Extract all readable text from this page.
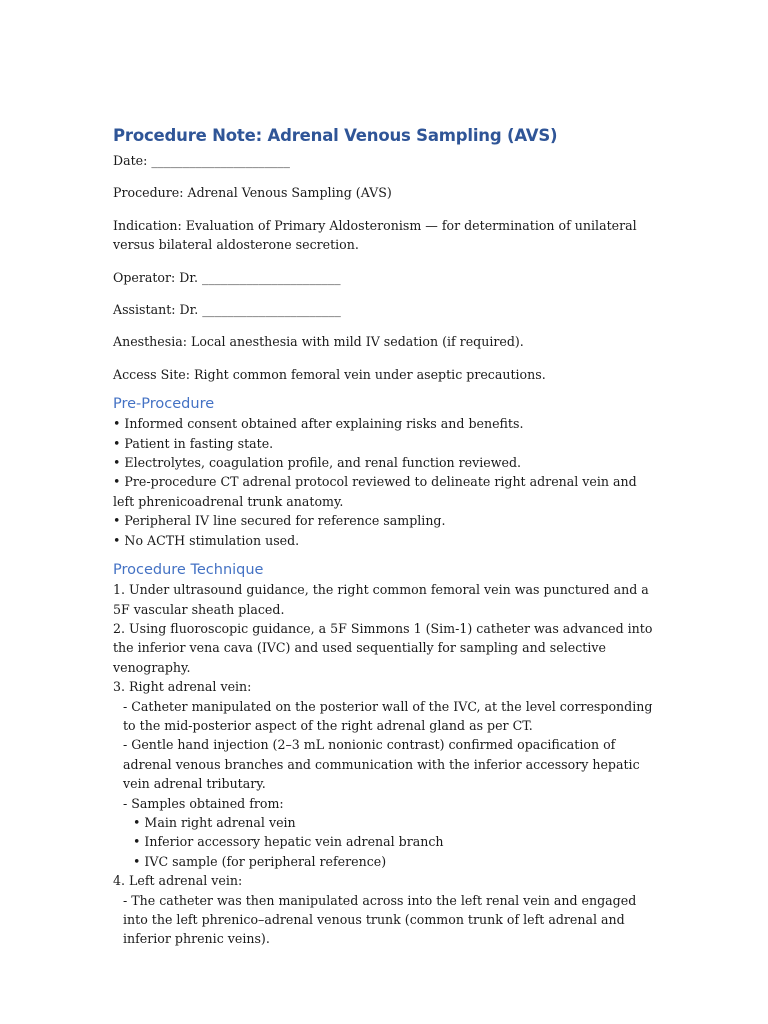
Procedure Note: Adrenal Venous Sampling (AVS)

Date: ______________________

Procedure: Adrenal Venous Sampling (AVS)

Indication: Evaluation of Primary Aldosteronism — for determination of unilateral versus bilateral aldosterone secretion.

Operator: Dr. ______________________

Assistant: Dr. ______________________

Anesthesia: Local anesthesia with mild IV sedation (if required).

Access Site: Right common femoral vein under aseptic precautions.

Pre-Procedure

• Informed consent obtained after explaining risks and benefits.

• Patient in fasting state.

• Electrolytes, coagulation profile, and renal function reviewed.

• Pre-procedure CT adrenal protocol reviewed to delineate right adrenal vein and left phrenicoadrenal trunk anatomy.

• Peripheral IV line secured for reference sampling.

• No ACTH stimulation used.

Procedure Technique

1. Under ultrasound guidance, the right common femoral vein was punctured and a 5F vascular sheath placed.

2. Using fluoroscopic guidance, a 5F Simmons 1 (Sim-1) catheter was advanced into the inferior vena cava (IVC) and used sequentially for sampling and selective venography.

3. Right adrenal vein:

- Catheter manipulated on the posterior wall of the IVC, at the level corresponding to the mid-posterior aspect of the right adrenal gland as per CT.

- Gentle hand injection (2–3 mL nonionic contrast) confirmed opacification of adrenal venous branches and communication with the inferior accessory hepatic vein adrenal tributary.

- Samples obtained from:

• Main right adrenal vein

• Inferior accessory hepatic vein adrenal branch

• IVC sample (for peripheral reference)

4. Left adrenal vein:

- The catheter was then manipulated across into the left renal vein and engaged into the left phrenico–adrenal venous trunk (common trunk of left adrenal and inferior phrenic veins).
